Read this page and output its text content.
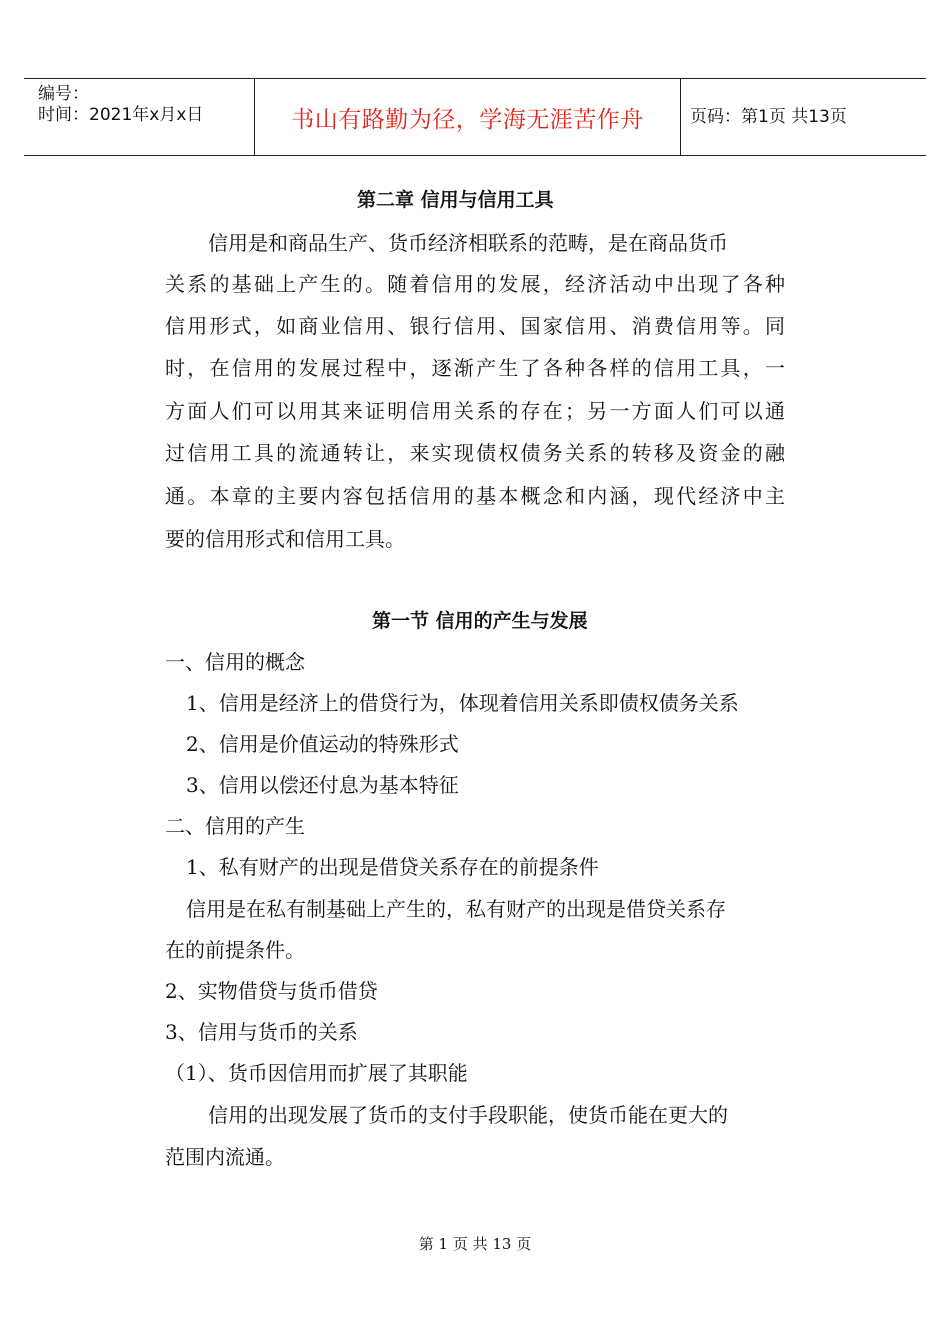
编号：
时间：2021年x月x日	书山有路勤为径，学海无涯苦作舟	页码：第1页 共13页
第二章 信用与信用工具
信用是和商品生产、货币经济相联系的范畴，是在商品货币
关系的基础上产生的。随着信用的发展，经济活动中出现了各种
信用形式，如商业信用、银行信用、国家信用、消费信用等。同
时，在信用的发展过程中，逐渐产生了各种各样的信用工具，一
方面人们可以用其来证明信用关系的存在；另一方面人们可以通
过信用工具的流通转让，来实现债权债务关系的转移及资金的融
通。本章的主要内容包括信用的基本概念和内涵，现代经济中主
要的信用形式和信用工具。
第一节 信用的产生与发展
一、信用的概念
1、信用是经济上的借贷行为，体现着信用关系即债权债务关系
2、信用是价值运动的特殊形式
3、信用以偿还付息为基本特征
二、信用的产生
1、私有财产的出现是借贷关系存在的前提条件
信用是在私有制基础上产生的，私有财产的出现是借贷关系存
在的前提条件。
2、实物借贷与货币借贷
3、信用与货币的关系
（1）、货币因信用而扩展了其职能
信用的出现发展了货币的支付手段职能，使货币能在更大的
范围内流通。
第 1 页 共 13 页
